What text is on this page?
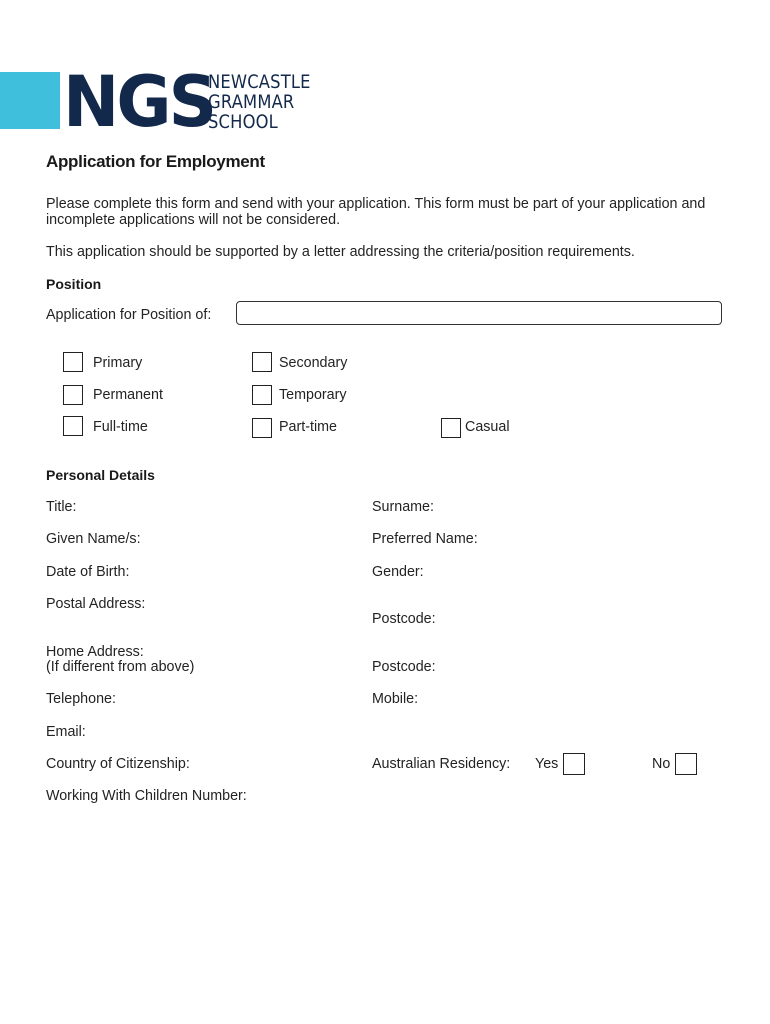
NGS
NEWCASTLE
GRAMMAR
SCHOOL
Application for Employment
Please complete this form and send with your application. This form must be part of your application and incomplete applications will not be considered.
This application should be supported by a letter addressing the criteria/position requirements.
Position
Application for Position of:
Primary	Secondary
Permanent	Temporary
Full-time	Part-time	Casual
Personal Details
Title:	Surname:
Given Name/s:	Preferred Name:
Date of Birth:	Gender:
Postal Address:
Postcode:
Home Address:
(If different from above)	Postcode:
Telephone:	Mobile:
Email:
Country of Citizenship:	Australian Residency: Yes	No
Working With Children Number:
